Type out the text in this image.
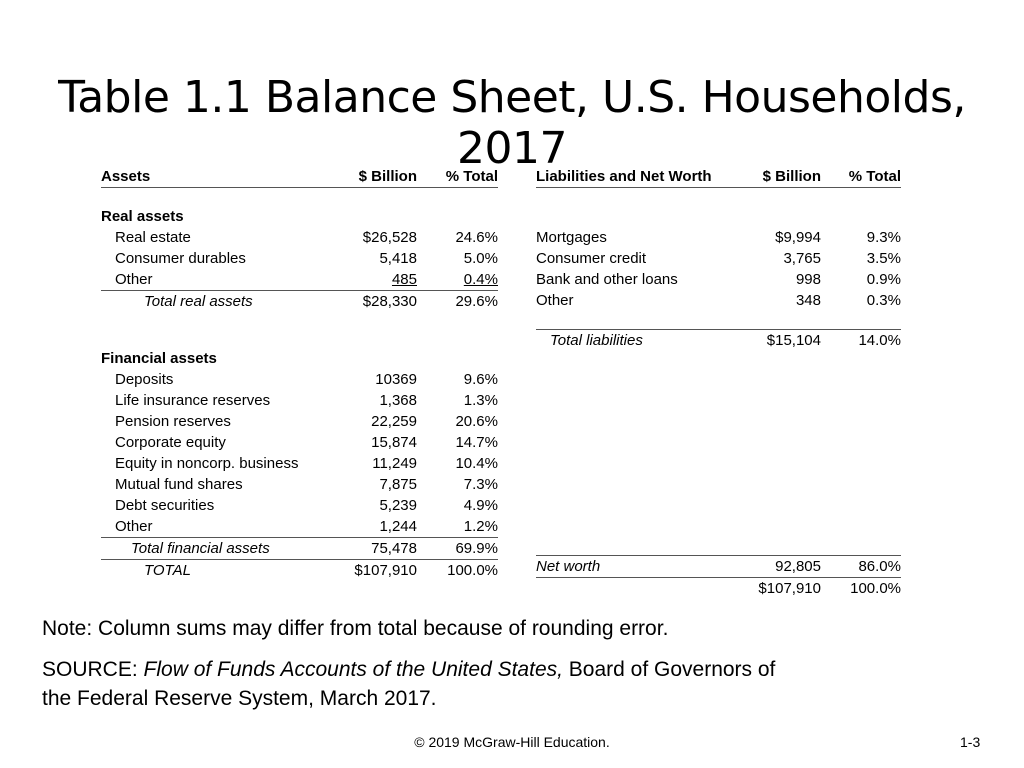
Table 1.1 Balance Sheet, U.S. Households, 2017
Assets	$ Billion	% Total

Real assets		
Real estate	$26,528	24.6%
Consumer durables	5,418	5.0%
Other	485	0.4%
Total real assets	$28,330	29.6%

Financial assets		
Deposits	10369	9.6%
Life insurance reserves	1,368	1.3%
Pension reserves	22,259	20.6%
Corporate equity	15,874	14.7%
Equity in noncorp. business	11,249	10.4%
Mutual fund shares	7,875	7.3%
Debt securities	5,239	4.9%
Other	1,244	1.2%
Total financial assets	75,478	69.9%
TOTAL	$107,910	100.0%
Liabilities and Net Worth	$ Billion	% Total

Mortgages	$9,994	9.3%
Consumer credit	3,765	3.5%
Bank and other loans	998	0.9%
Other	348	0.3%

Total liabilities	$15,104	14.0%

Net worth	92,805	86.0%
	$107,910	100.0%
Note: Column sums may differ from total because of rounding error.
SOURCE: Flow of Funds Accounts of the United States, Board of Governors of
the Federal Reserve System, March 2017.
© 2019 McGraw-Hill Education.	1-3
